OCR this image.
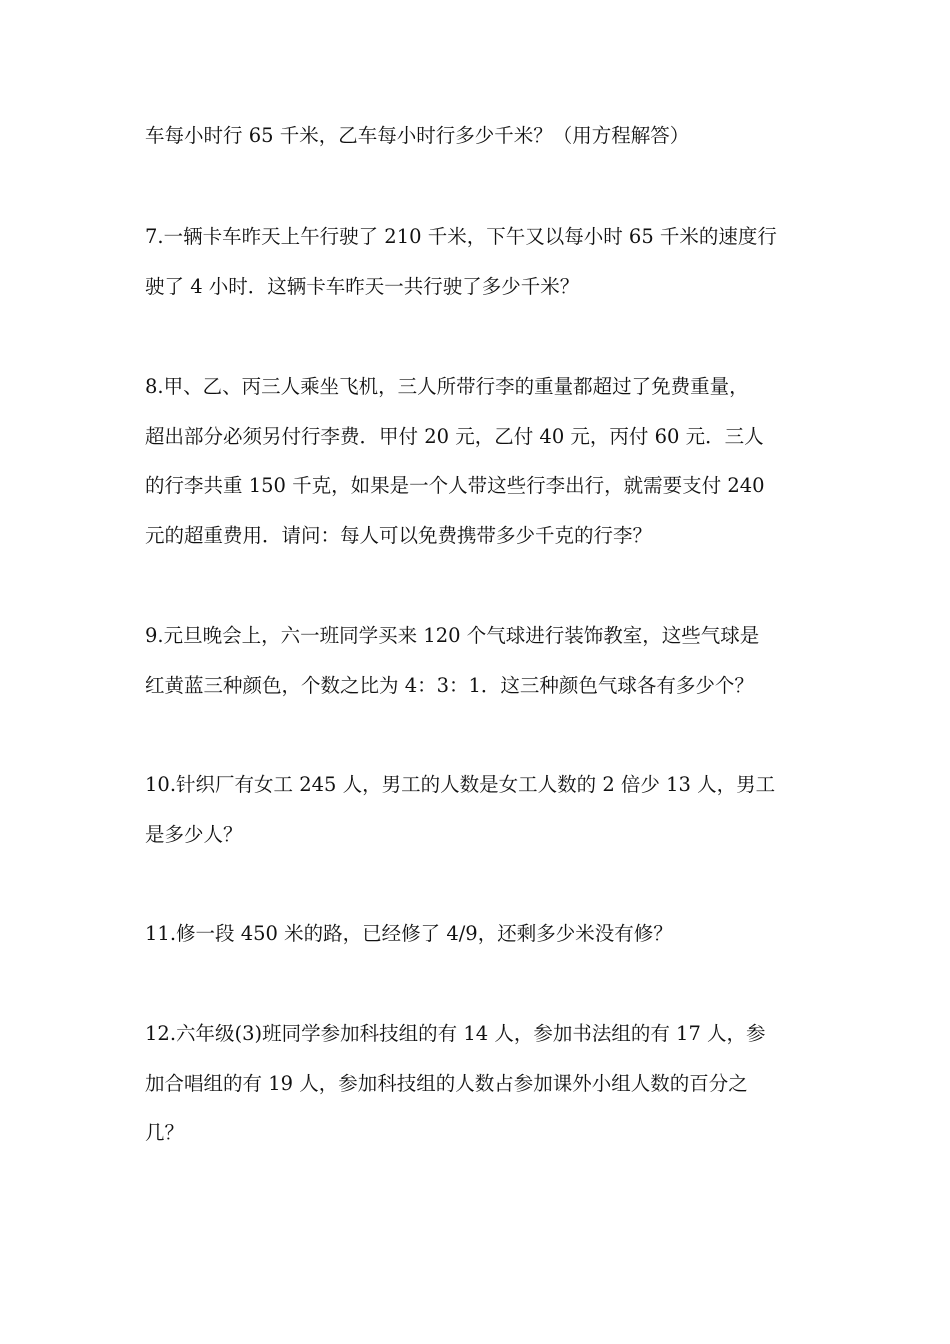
车每小时行 65 千米，乙车每小时行多少千米？（用方程解答）
7.一辆卡车昨天上午行驶了 210 千米，下午又以每小时 65 千米的速度行
驶了 4 小时．这辆卡车昨天一共行驶了多少千米？
8.甲、乙、丙三人乘坐飞机，三人所带行李的重量都超过了免费重量，
超出部分必须另付行李费．甲付 20 元，乙付 40 元，丙付 60 元．三人
的行李共重 150 千克，如果是一个人带这些行李出行，就需要支付 240
元的超重费用．请问：每人可以免费携带多少千克的行李？
9.元旦晚会上，六一班同学买来 120 个气球进行装饰教室，这些气球是
红黄蓝三种颜色，个数之比为 4：3：1．这三种颜色气球各有多少个？
10.针织厂有女工 245 人，男工的人数是女工人数的 2 倍少 13 人，男工
是多少人？
11.修一段 450 米的路，已经修了 4/9，还剩多少米没有修？
12.六年级(3)班同学参加科技组的有 14 人，参加书法组的有 17 人，参
加合唱组的有 19 人，参加科技组的人数占参加课外小组人数的百分之
几？
